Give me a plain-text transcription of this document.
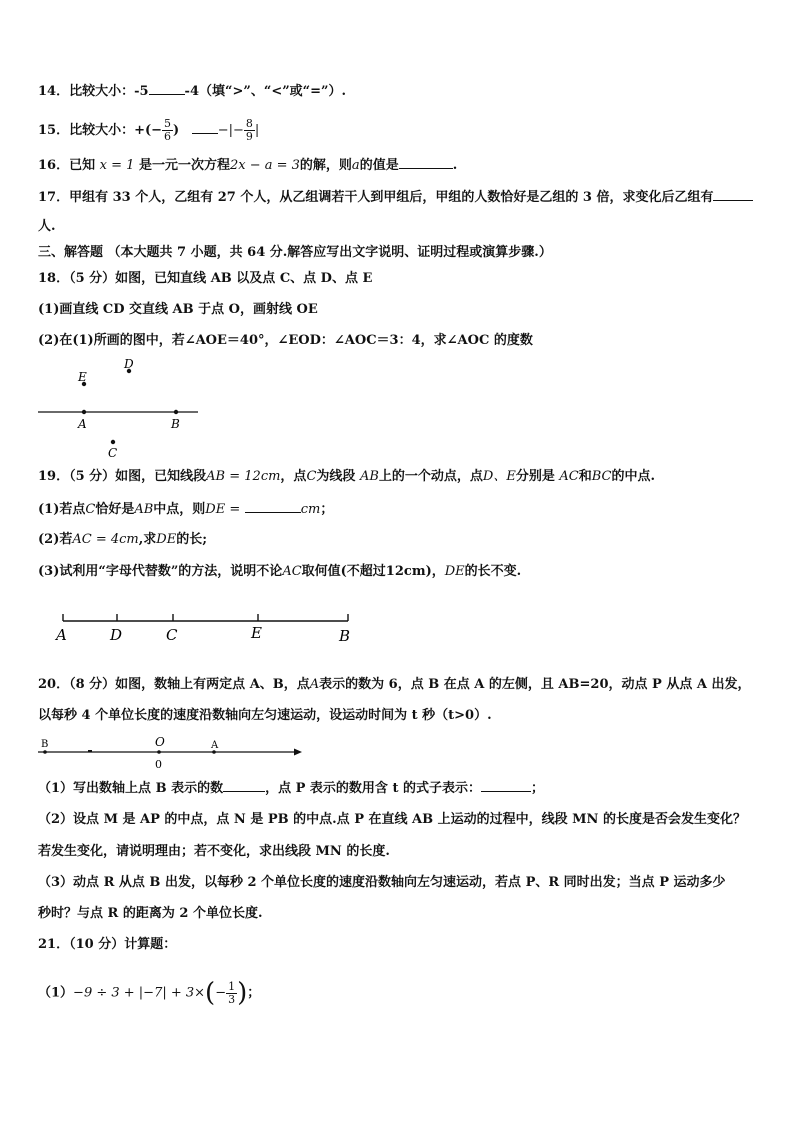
14．比较大小：-5	-4（填“>”、“<”或“=”）.
15．比较大小：+(− $\frac{5}{6}$ )	−|− $\frac{8}{9}$ |
16．已知 x = 1 是一元一次方程2x − a = 3的解，则a的值是	.
17．甲组有 33 个人，乙组有 27 个人，从乙组调若干人到甲组后，甲组的人数恰好是乙组的 3 倍，求变化后乙组有
人.
三、解答题 （本大题共 7 小题，共 64 分.解答应写出文字说明、证明过程或演算步骤.）
18．（5 分）如图，已知直线 AB 以及点 C、点 D、点 E
(1)画直线 CD 交直线 AB 于点 O，画射线 OE
(2)在(1)所画的图中，若∠AOE＝40°，∠EOD：∠AOC＝3：4，求∠AOC 的度数
E
D
A	B
C
A	D	C	E	B
B	O	A
0
19．（5 分）如图，已知线段AB = 12cm，点C为线段 AB上的一个动点，点D、E分别是 AC和BC的中点.
(1)若点C恰好是AB中点，则DE =	cm；
(2)若AC = 4cm,求DE的长;
(3)试利用“字母代替数”的方法，说明不论AC取何值(不超过12cm)，DE的长不变.
20．（8 分）如图，数轴上有两定点 A、B，点A表示的数为 6，点 B 在点 A 的左侧，且 AB=20，动点 P 从点 A 出发，
以每秒 4 个单位长度的速度沿数轴向左匀速运动，设运动时间为 t 秒（t>0）.
（1）写出数轴上点 B 表示的数	，点 P 表示的数用含 t 的式子表示：	；
（2）设点 M 是 AP 的中点，点 N 是 PB 的中点.点 P 在直线 AB 上运动的过程中，线段 MN 的长度是否会发生变化？
若发生变化，请说明理由；若不变化，求出线段 MN 的长度.
（3）动点 R 从点 B 出发，以每秒 2 个单位长度的速度沿数轴向左匀速运动，若点 P、R 同时出发；当点 P 运动多少
秒时？与点 R 的距离为 2 个单位长度.
21．（10 分）计算题：
$(1)-9 \div 3 + |-7| + 3\times(- \frac{1}{3}$ )；
